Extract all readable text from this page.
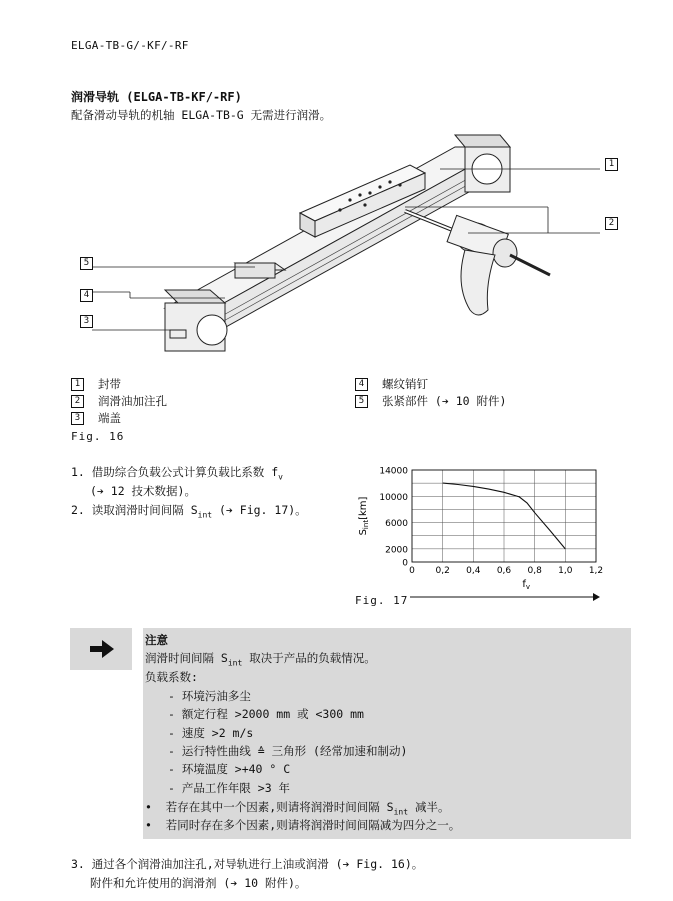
ELGA-TB-G/-KF/-RF
润滑导轨 (ELGA-TB-KF/-RF)
配备滑动导轨的机轴 ELGA-TB-G 无需进行润滑。
1
2
5
4
3
1	封带
2	润滑油加注孔
3	端盖
4	螺纹销钉
5	张紧部件 (➔ 10 附件)
Fig. 16
1. 借助综合负载公式计算负载比系数 $f_v$
(➔ 12 技术数据)。
2. 读取润滑时间间隔 $S_{int}$ (➔ Fig. 17)。
0
2000
6000
10000
14000
0 0,2 0,4 0,6 0,8 1,0 1,2
$S_{int}[km]$
$f_v$
Fig. 17
注意
润滑时间间隔 $S_{int}$ 取决于产品的负载情况。
负载系数:
- 环境污油多尘
- 额定行程 >2000 mm 或 <300 mm
- 速度 >2 m/s
- 运行特性曲线 ≙ 三角形 (经常加速和制动)
- 环境温度 >+40 ° C
- 产品工作年限 >3 年
•  若存在其中一个因素,则请将润滑时间间隔 $S_{int}$ 减半。
•  若同时存在多个因素,则请将润滑时间间隔减为四分之一。
3. 通过各个润滑油加注孔,对导轨进行上油或润滑 (➔ Fig. 16)。
附件和允许使用的润滑剂 (➔ 10 附件)。
